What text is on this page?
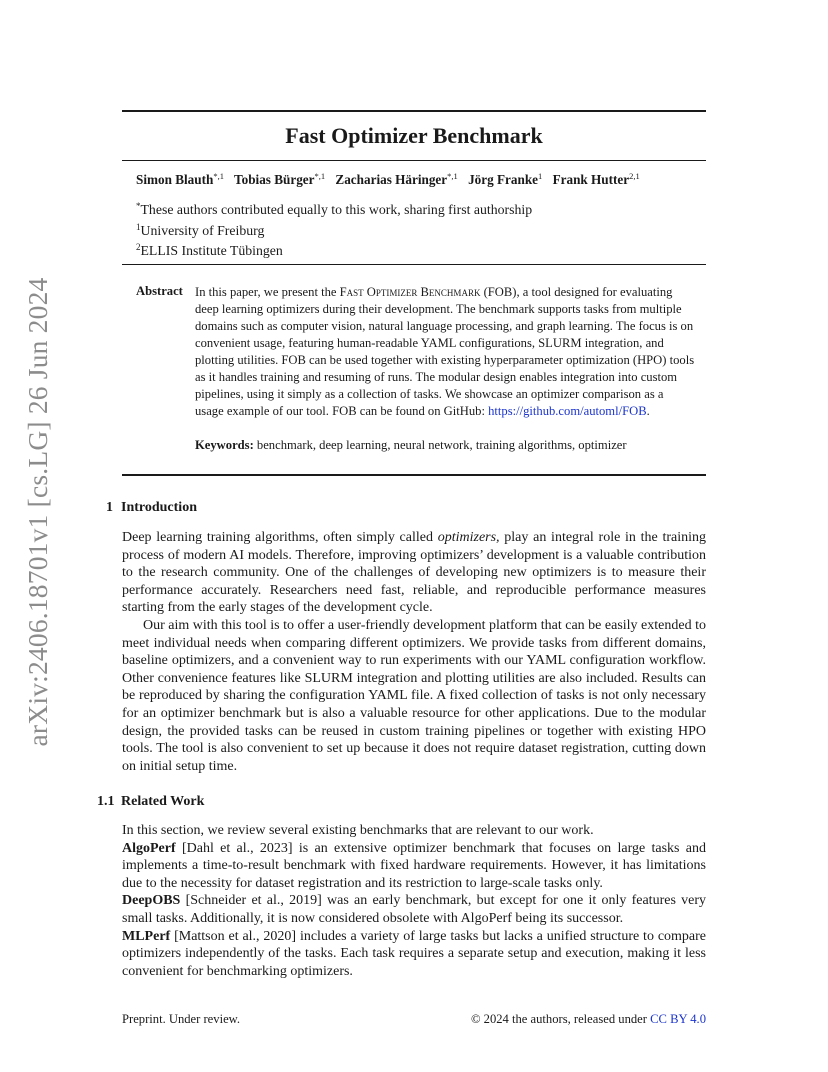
arXiv:2406.18701v1 [cs.LG] 26 Jun 2024
Fast Optimizer Benchmark
Simon Blauth$^{*,1}$ Tobias Bürger$^{*,1}$ Zacharias Häringer$^{*,1}$ Jörg Franke$^1$ Frank Hutter$^{2,1}$
*These authors contributed equally to this work, sharing first authorship
$^1$University of Freiburg
$^2$ELLIS Institute Tübingen
Abstract In this paper, we present the Fast Optimizer Benchmark (FOB), a tool designed for evaluating deep learning optimizers during their development. The benchmark supports tasks from multiple domains such as computer vision, natural language processing, and graph learning. The focus is on convenient usage, featuring human-readable YAML configurations, SLURM integration, and plotting utilities. FOB can be used together with existing hyperparameter optimization (HPO) tools as it handles training and resuming of runs. The modular design enables integration into custom pipelines, using it simply as a collection of tasks. We showcase an optimizer comparison as a usage example of our tool. FOB can be found on GitHub: https://github.com/automl/FOB.
Keywords: benchmark, deep learning, neural network, training algorithms, optimizer
1 Introduction

Deep learning training algorithms, often simply called optimizers, play an integral role in the training process of modern AI models. Therefore, improving optimizers’ development is a valuable contribution to the research community. One of the challenges of developing new optimizers is to measure their performance accurately. Researchers need fast, reliable, and reproducible performance measures starting from the early stages of the development cycle.

Our aim with this tool is to offer a user-friendly development platform that can be easily extended to meet individual needs when comparing different optimizers. We provide tasks from different domains, baseline optimizers, and a convenient way to run experiments with our YAML configuration workflow. Other convenience features like SLURM integration and plotting utilities are also included. Results can be reproduced by sharing the configuration YAML file. A fixed collection of tasks is not only necessary for an optimizer benchmark but is also a valuable resource for other applications. Due to the modular design, the provided tasks can be reused in custom training pipelines or together with existing HPO tools. The tool is also convenient to set up because it does not require dataset registration, cutting down on initial setup time.

1.1 Related Work

In this section, we review several existing benchmarks that are relevant to our work.

AlgoPerf [Dahl et al., 2023] is an extensive optimizer benchmark that focuses on large tasks and implements a time-to-result benchmark with fixed hardware requirements. However, it has limitations due to the necessity for dataset registration and its restriction to large-scale tasks only.

DeepOBS [Schneider et al., 2019] was an early benchmark, but except for one it only features very small tasks. Additionally, it is now considered obsolete with AlgoPerf being its successor.

MLPerf [Mattson et al., 2020] includes a variety of large tasks but lacks a unified structure to compare optimizers independently of the tasks. Each task requires a separate setup and execution, making it less convenient for benchmarking optimizers.

Preprint. Under review.	© 2024 the authors, released under CC BY 4.0
